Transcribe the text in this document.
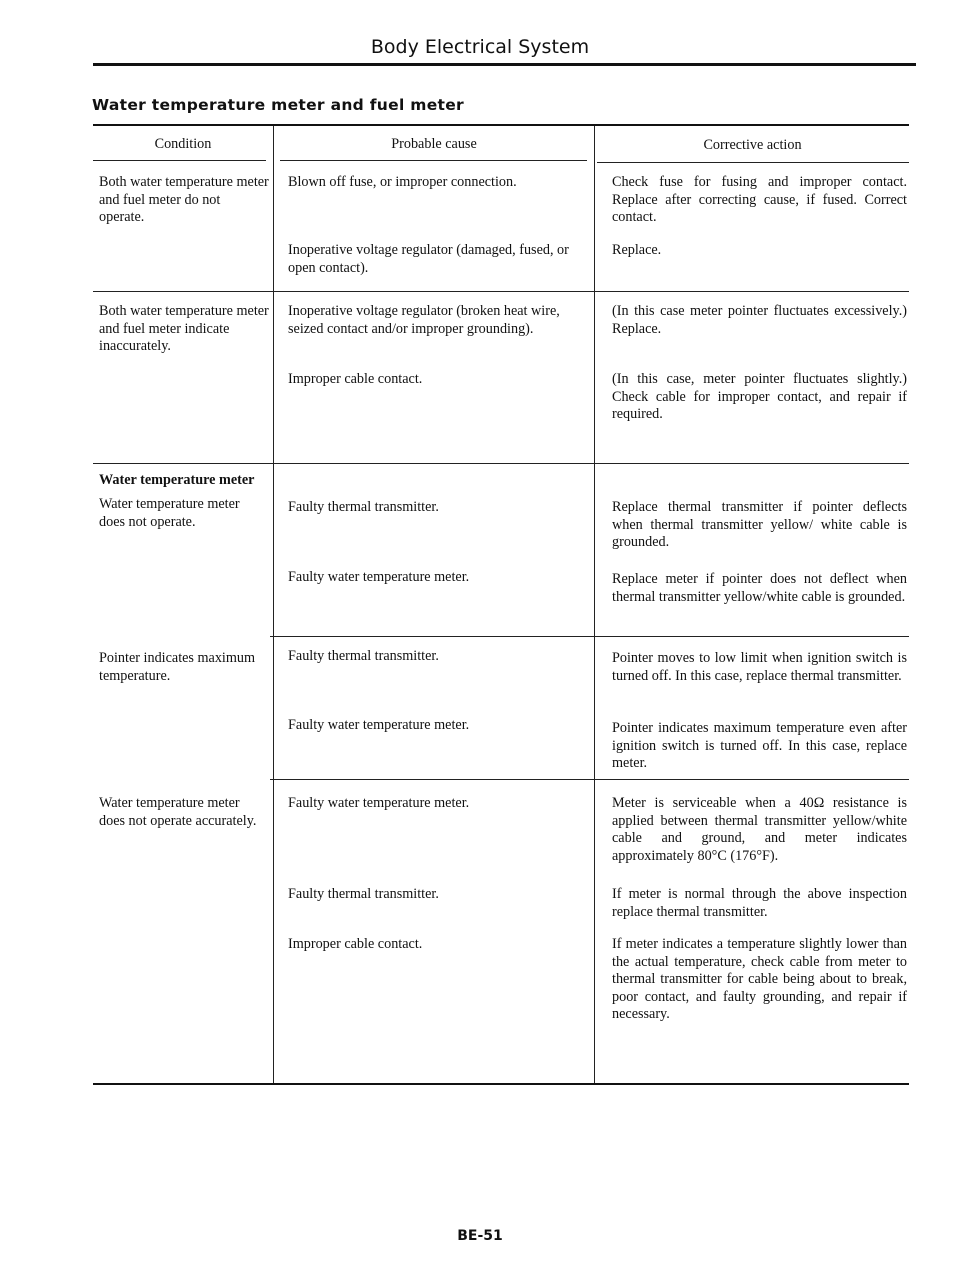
Body Electrical System
Water temperature meter and fuel meter
Condition	Probable cause	Corrective action
Both water temperature meter and fuel meter do not operate.
Blown off fuse, or improper connection.
Inoperative voltage regulator (damaged, fused, or open contact).
Check fuse for fusing and improper contact. Replace after correcting cause, if fused. Correct contact.
Replace.
Both water temperature meter and fuel meter indicate inaccurately.
Inoperative voltage regulator (broken heat wire, seized contact and/or improper grounding).
Improper cable contact.
(In this case meter pointer fluctuates excessively.) Replace.
(In this case, meter pointer fluctuates slightly.) Check cable for improper contact, and repair if required.
Water temperature meter
Water temperature meter does not operate.
Faulty thermal transmitter.
Faulty water temperature meter.
Replace thermal transmitter if pointer deflects when thermal transmitter yellow/ white cable is grounded.
Replace meter if pointer does not deflect when thermal transmitter yellow/white cable is grounded.
Pointer indicates maximum temperature.
Faulty thermal transmitter.
Faulty water temperature meter.
Pointer moves to low limit when ignition switch is turned off. In this case, replace thermal transmitter.
Pointer indicates maximum temperature even after ignition switch is turned off. In this case, replace meter.
Water temperature meter does not operate accurately.
Faulty water temperature meter.
Faulty thermal transmitter.
Improper cable contact.
Meter is serviceable when a 40Ω resistance is applied between thermal transmitter yellow/white cable and ground, and meter indicates approximately 80°C (176°F).
If meter is normal through the above inspection replace thermal transmitter.
If meter indicates a temperature slightly lower than the actual temperature, check cable from meter to thermal transmitter for cable being about to break, poor contact, and faulty grounding, and repair if necessary.
BE-51
